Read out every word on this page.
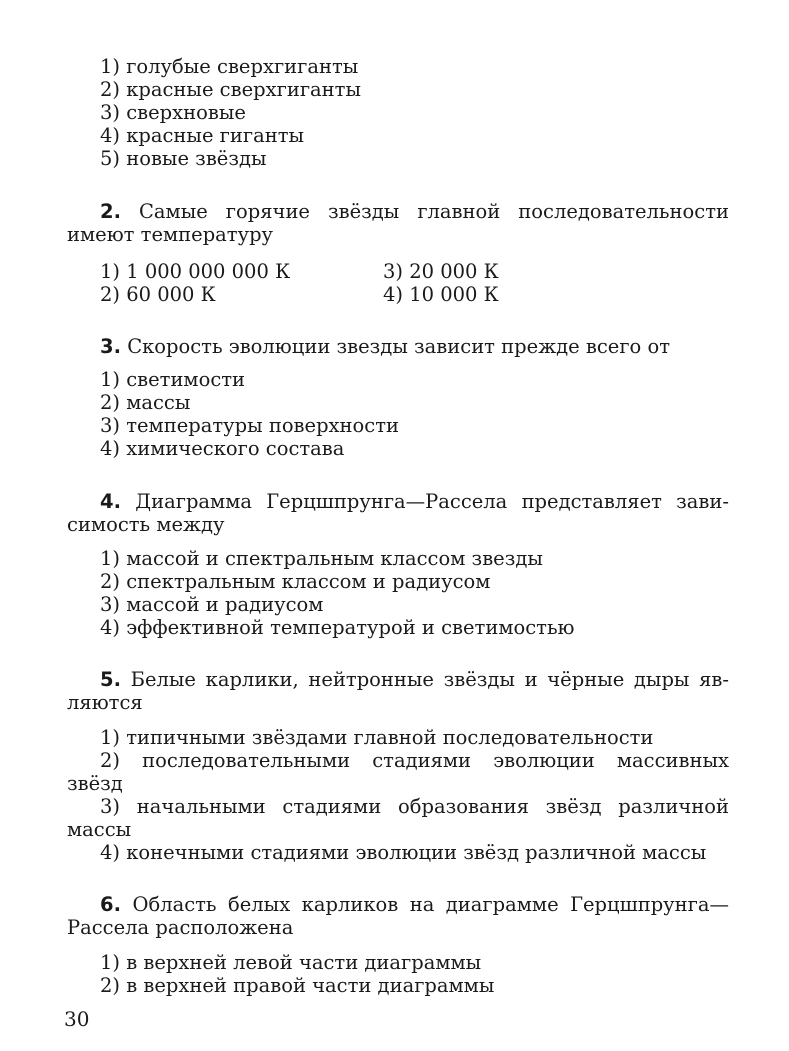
1) голубые сверхгиганты
2) красные сверхгиганты
3) сверхновые
4) красные гиганты
5) новые звёзды
2. Самые горячие звёзды главной последовательности
имеют температуру
1) 1 000 000 000 К	3) 20 000 К
2) 60 000 К	4) 10 000 К
3. Скорость эволюции звезды зависит прежде всего от
1) светимости
2) массы
3) температуры поверхности
4) химического состава
4. Диаграмма Герцшпрунга—Рассела представляет зави-
симость между
1) массой и спектральным классом звезды
2) спектральным классом и радиусом
3) массой и радиусом
4) эффективной температурой и светимостью
5. Белые карлики, нейтронные звёзды и чёрные дыры яв-
ляются
1) типичными звёздами главной последовательности
2) последовательными стадиями эволюции массивных
звёзд
3) начальными стадиями образования звёзд различной
массы
4) конечными стадиями эволюции звёзд различной массы
6. Область белых карликов на диаграмме Герцшпрунга—
Рассела расположена
1) в верхней левой части диаграммы
2) в верхней правой части диаграммы
30
